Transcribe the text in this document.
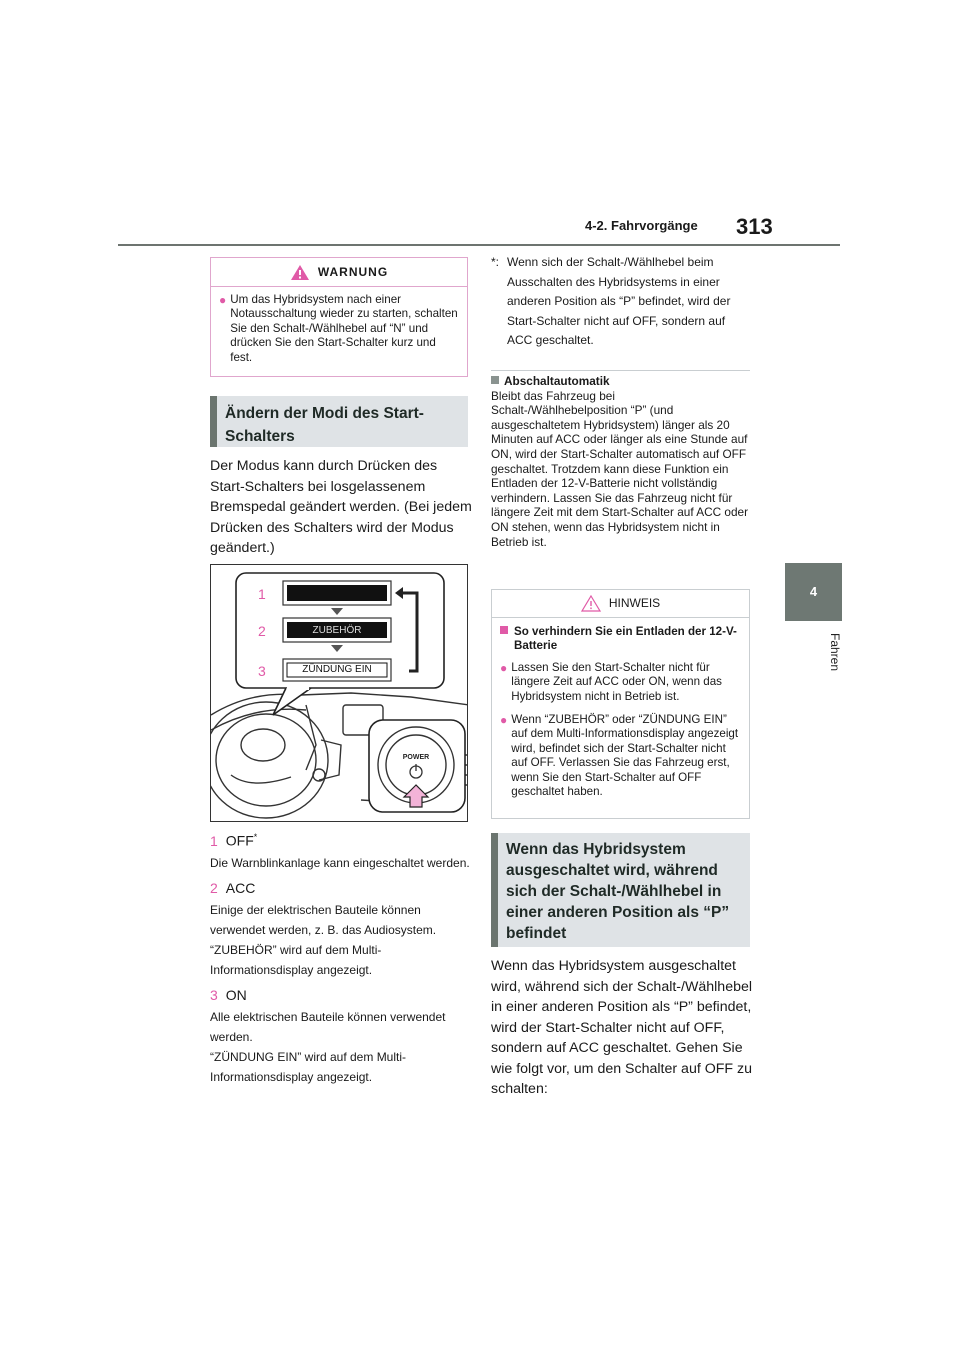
4-2. Fahrvorgänge 313
4
Fahren
WARNUNG
● Um das Hybridsystem nach einer Notausschaltung wieder zu starten, schalten Sie den Schalt-/Wählhebel auf “N” und drücken Sie den Start-Schalter kurz und fest.
Ändern der Modi des Start-Schalters
Der Modus kann durch Drücken des Start-Schalters bei losgelassenem Bremspedal geändert werden. (Bei jedem Drücken des Schalters wird der Modus geändert.)
1
2
3
ZUBEHÖR
ZÜNDUNG EIN
POWER
1 OFF*
Die Warnblinkanlage kann eingeschaltet werden.
2 ACC
Einige der elektrischen Bauteile können verwendet werden, z. B. das Audiosystem.
“ZUBEHÖR” wird auf dem Multi-Informationsdisplay angezeigt.
3 ON
Alle elektrischen Bauteile können verwendet werden.
“ZÜNDUNG EIN” wird auf dem Multi-Informationsdisplay angezeigt.
*: Wenn sich der Schalt-/Wählhebel beim Ausschalten des Hybridsystems in einer anderen Position als “P” befindet, wird der Start-Schalter nicht auf OFF, sondern auf ACC geschaltet.
Abschaltautomatik
Bleibt das Fahrzeug bei Schalt-/Wählhebelposition “P” (und ausgeschaltetem Hybridsystem) länger als 20 Minuten auf ACC oder länger als eine Stunde auf ON, wird der Start-Schalter automatisch auf OFF geschaltet. Trotzdem kann diese Funktion ein Entladen der 12-V-Batterie nicht vollständig verhindern. Lassen Sie das Fahrzeug nicht für längere Zeit mit dem Start-Schalter auf ACC oder ON stehen, wenn das Hybridsystem nicht in Betrieb ist.
HINWEIS
So verhindern Sie ein Entladen der 12-V-Batterie
● Lassen Sie den Start-Schalter nicht für längere Zeit auf ACC oder ON, wenn das Hybridsystem nicht in Betrieb ist.
● Wenn “ZUBEHÖR” oder “ZÜNDUNG EIN” auf dem Multi-Informationsdisplay angezeigt wird, befindet sich der Start-Schalter nicht auf OFF. Verlassen Sie das Fahrzeug erst, wenn Sie den Start-Schalter auf OFF geschaltet haben.
Wenn das Hybridsystem ausgeschaltet wird, während sich der Schalt-/Wählhebel in einer anderen Position als “P” befindet
Wenn das Hybridsystem ausgeschaltet wird, während sich der Schalt-/Wählhebel in einer anderen Position als “P” befindet, wird der Start-Schalter nicht auf OFF, sondern auf ACC geschaltet. Gehen Sie wie folgt vor, um den Schalter auf OFF zu schalten:
